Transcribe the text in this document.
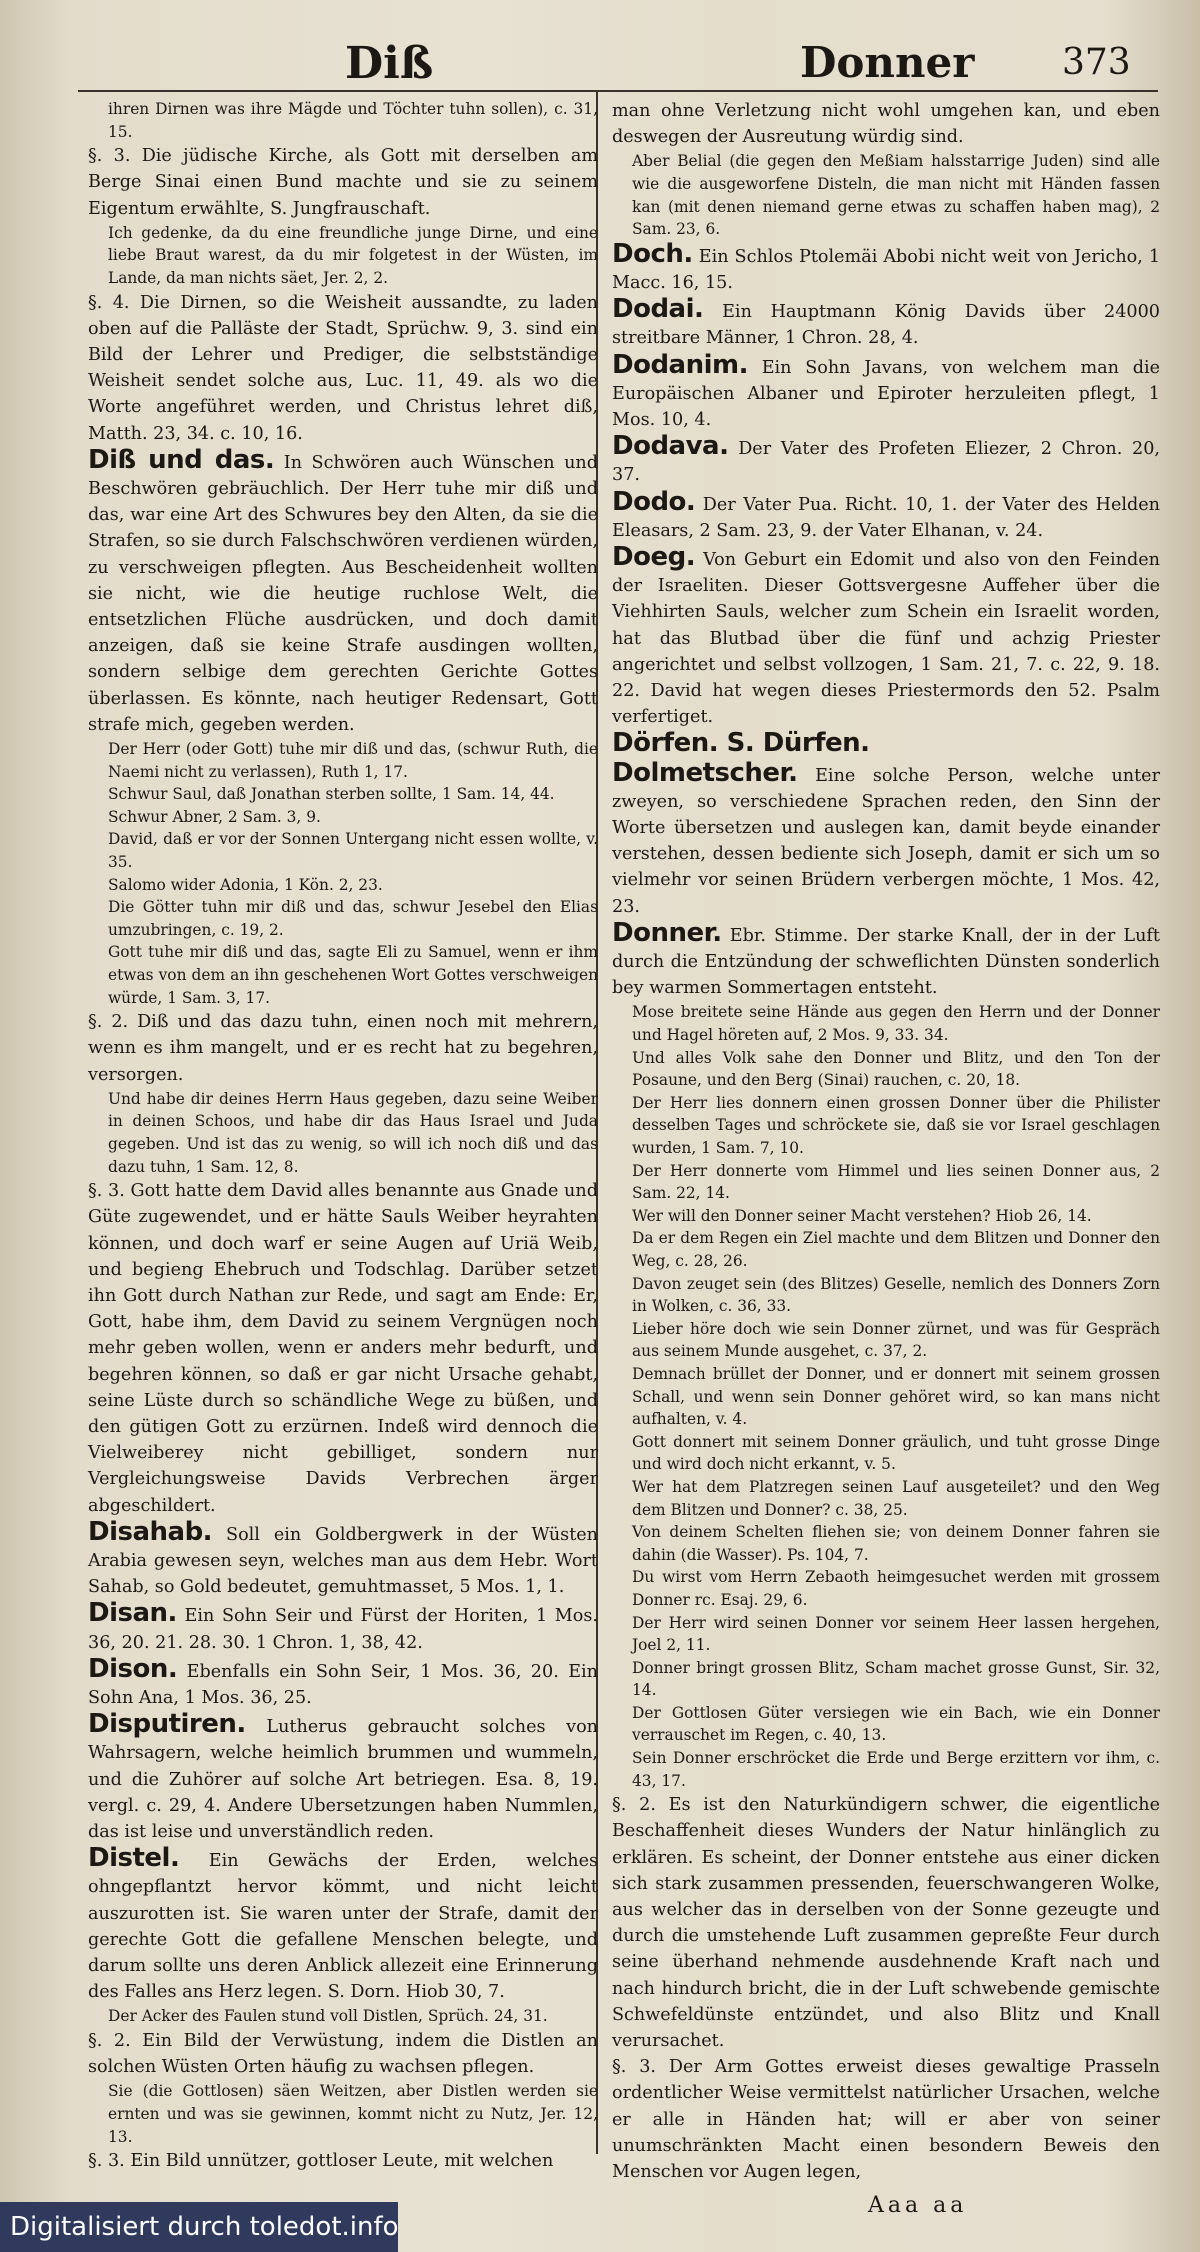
Diß	Donner 373

ihren Dirnen was ihre Mägde und Töchter tuhn sollen), c. 31, 15.

§. 3. Die jüdische Kirche, als Gott mit derselben am Berge Sinai einen Bund machte und sie zu seinem Eigentum erwählte, S. Jungfrauschaft.

Ich gedenke, da du eine freundliche junge Dirne, und eine liebe Braut warest, da du mir folgetest in der Wüsten, im Lande, da man nichts säet, Jer. 2, 2.

§. 4. Die Dirnen, so die Weisheit aussandte, zu laden oben auf die Palläste der Stadt, Sprüchw. 9, 3. sind ein Bild der Lehrer und Prediger, die selbstständige Weisheit sendet solche aus, Luc. 11, 49. als wo die Worte angeführet werden, und Christus lehret diß, Matth. 23, 34. c. 10, 16.

Diß und das. In Schwören auch Wünschen und Beschwören gebräuchlich. Der Herr tuhe mir diß und das, war eine Art des Schwures bey den Alten, da sie die Strafen, so sie durch Falschschwören verdienen würden, zu verschweigen pflegten. Aus Bescheidenheit wollten sie nicht, wie die heutige ruchlose Welt, die entsetzlichen Flüche ausdrücken, und doch damit anzeigen, daß sie keine Strafe ausdingen wollten, sondern selbige dem gerechten Gerichte Gottes überlassen. Es könnte, nach heutiger Redensart, Gott strafe mich, gegeben werden.

Der Herr (oder Gott) tuhe mir diß und das, (schwur Ruth, die Naemi nicht zu verlassen), Ruth 1, 17.

Schwur Saul, daß Jonathan sterben sollte, 1 Sam. 14, 44.

Schwur Abner, 2 Sam. 3, 9.

David, daß er vor der Sonnen Untergang nicht essen wollte, v. 35.

Salomo wider Adonia, 1 Kön. 2, 23.

Die Götter tuhn mir diß und das, schwur Jesebel den Elias umzubringen, c. 19, 2.

Gott tuhe mir diß und das, sagte Eli zu Samuel, wenn er ihm etwas von dem an ihn geschehenen Wort Gottes verschweigen würde, 1 Sam. 3, 17.

§. 2. Diß und das dazu tuhn, einen noch mit mehrern, wenn es ihm mangelt, und er es recht hat zu begehren, versorgen.

Und habe dir deines Herrn Haus gegeben, dazu seine Weiber in deinen Schoos, und habe dir das Haus Israel und Juda gegeben. Und ist das zu wenig, so will ich noch diß und das dazu tuhn, 1 Sam. 12, 8.

§. 3. Gott hatte dem David alles benannte aus Gnade und Güte zugewendet, und er hätte Sauls Weiber heyrahten können, und doch warf er seine Augen auf Uriä Weib, und begieng Ehebruch und Todschlag. Darüber setzet ihn Gott durch Nathan zur Rede, und sagt am Ende: Er, Gott, habe ihm, dem David zu seinem Vergnügen noch mehr geben wollen, wenn er anders mehr bedurft, und begehren können, so daß er gar nicht Ursache gehabt, seine Lüste durch so schändliche Wege zu büßen, und den gütigen Gott zu erzürnen. Indeß wird dennoch die Vielweiberey nicht gebilliget, sondern nur Vergleichungsweise Davids Verbrechen ärger abgeschildert.

Disahab. Soll ein Goldbergwerk in der Wüsten Arabia gewesen seyn, welches man aus dem Hebr. Wort Sahab, so Gold bedeutet, gemuhtmasset, 5 Mos. 1, 1.

Disan. Ein Sohn Seir und Fürst der Horiten, 1 Mos. 36, 20. 21. 28. 30. 1 Chron. 1, 38, 42.

Dison. Ebenfalls ein Sohn Seir, 1 Mos. 36, 20. Ein Sohn Ana, 1 Mos. 36, 25.

Disputiren. Lutherus gebraucht solches von Wahrsagern, welche heimlich brummen und wummeln, und die Zuhörer auf solche Art betriegen. Esa. 8, 19. vergl. c. 29, 4. Andere Ubersetzungen haben Nummlen, das ist leise und unverständlich reden.

Distel. Ein Gewächs der Erden, welches ohngepflantzt hervor kömmt, und nicht leicht auszurotten ist. Sie waren unter der Strafe, damit der gerechte Gott die gefallene Menschen belegte, und darum sollte uns deren Anblick allezeit eine Erinnerung des Falles ans Herz legen. S. Dorn. Hiob 30, 7.

Der Acker des Faulen stund voll Distlen, Sprüch. 24, 31.

§. 2. Ein Bild der Verwüstung, indem die Distlen an solchen Wüsten Orten häufig zu wachsen pflegen.

Sie (die Gottlosen) säen Weitzen, aber Distlen werden sie ernten und was sie gewinnen, kommt nicht zu Nutz, Jer. 12, 13.

§. 3. Ein Bild unnützer, gottloser Leute, mit welchen

man ohne Verletzung nicht wohl umgehen kan, und eben deswegen der Ausreutung würdig sind.

Aber Belial (die gegen den Meßiam halsstarrige Juden) sind alle wie die ausgeworfene Disteln, die man nicht mit Händen fassen kan (mit denen niemand gerne etwas zu schaffen haben mag), 2 Sam. 23, 6.

Doch. Ein Schlos Ptolemäi Abobi nicht weit von Jericho, 1 Macc. 16, 15.

Dodai. Ein Hauptmann König Davids über 24000 streitbare Männer, 1 Chron. 28, 4.

Dodanim. Ein Sohn Javans, von welchem man die Europäischen Albaner und Epiroter herzuleiten pflegt, 1 Mos. 10, 4.

Dodava. Der Vater des Profeten Eliezer, 2 Chron. 20, 37.

Dodo. Der Vater Pua. Richt. 10, 1. der Vater des Helden Eleasars, 2 Sam. 23, 9. der Vater Elhanan, v. 24.

Doeg. Von Geburt ein Edomit und also von den Feinden der Israeliten. Dieser Gottsvergesne Auffeher über die Viehhirten Sauls, welcher zum Schein ein Israelit worden, hat das Blutbad über die fünf und achzig Priester angerichtet und selbst vollzogen, 1 Sam. 21, 7. c. 22, 9. 18. 22. David hat wegen dieses Priestermords den 52. Psalm verfertiget.

Dörfen. S. Dürfen.

Dolmetscher. Eine solche Person, welche unter zweyen, so verschiedene Sprachen reden, den Sinn der Worte übersetzen und auslegen kan, damit beyde einander verstehen, dessen bediente sich Joseph, damit er sich um so vielmehr vor seinen Brüdern verbergen möchte, 1 Mos. 42, 23.

Donner. Ebr. Stimme. Der starke Knall, der in der Luft durch die Entzündung der schweflichten Dünsten sonderlich bey warmen Sommertagen entsteht.

Mose breitete seine Hände aus gegen den Herrn und der Donner und Hagel höreten auf, 2 Mos. 9, 33. 34.

Und alles Volk sahe den Donner und Blitz, und den Ton der Posaune, und den Berg (Sinai) rauchen, c. 20, 18.

Der Herr lies donnern einen grossen Donner über die Philister desselben Tages und schröckete sie, daß sie vor Israel geschlagen wurden, 1 Sam. 7, 10.

Der Herr donnerte vom Himmel und lies seinen Donner aus, 2 Sam. 22, 14.

Wer will den Donner seiner Macht verstehen? Hiob 26, 14.

Da er dem Regen ein Ziel machte und dem Blitzen und Donner den Weg, c. 28, 26.

Davon zeuget sein (des Blitzes) Geselle, nemlich des Donners Zorn in Wolken, c. 36, 33.

Lieber höre doch wie sein Donner zürnet, und was für Gespräch aus seinem Munde ausgehet, c. 37, 2.

Demnach brüllet der Donner, und er donnert mit seinem grossen Schall, und wenn sein Donner gehöret wird, so kan mans nicht aufhalten, v. 4.

Gott donnert mit seinem Donner gräulich, und tuht grosse Dinge und wird doch nicht erkannt, v. 5.

Wer hat dem Platzregen seinen Lauf ausgeteilet? und den Weg dem Blitzen und Donner? c. 38, 25.

Von deinem Schelten fliehen sie; von deinem Donner fahren sie dahin (die Wasser). Ps. 104, 7.

Du wirst vom Herrn Zebaoth heimgesuchet werden mit grossem Donner rc. Esaj. 29, 6.

Der Herr wird seinen Donner vor seinem Heer lassen hergehen, Joel 2, 11.

Donner bringt grossen Blitz, Scham machet grosse Gunst, Sir. 32, 14.

Der Gottlosen Güter versiegen wie ein Bach, wie ein Donner verrauschet im Regen, c. 40, 13.

Sein Donner erschröcket die Erde und Berge erzittern vor ihm, c. 43, 17.

§. 2. Es ist den Naturkündigern schwer, die eigentliche Beschaffenheit dieses Wunders der Natur hinlänglich zu erklären. Es scheint, der Donner entstehe aus einer dicken sich stark zusammen pressenden, feuerschwangeren Wolke, aus welcher das in derselben von der Sonne gezeugte und durch die umstehende Luft zusammen gepreßte Feur durch seine überhand nehmende ausdehnende Kraft nach und nach hindurch bricht, die in der Luft schwebende gemischte Schwefeldünste entzündet, und also Blitz und Knall verursachet.

§. 3. Der Arm Gottes erweist dieses gewaltige Prasseln ordentlicher Weise vermittelst natürlicher Ursachen, welche er alle in Händen hat; will er aber von seiner unumschränkten Macht einen besondern Beweis den Menschen vor Augen legen,

Aaa aa
Digitalisiert durch toledot.info
